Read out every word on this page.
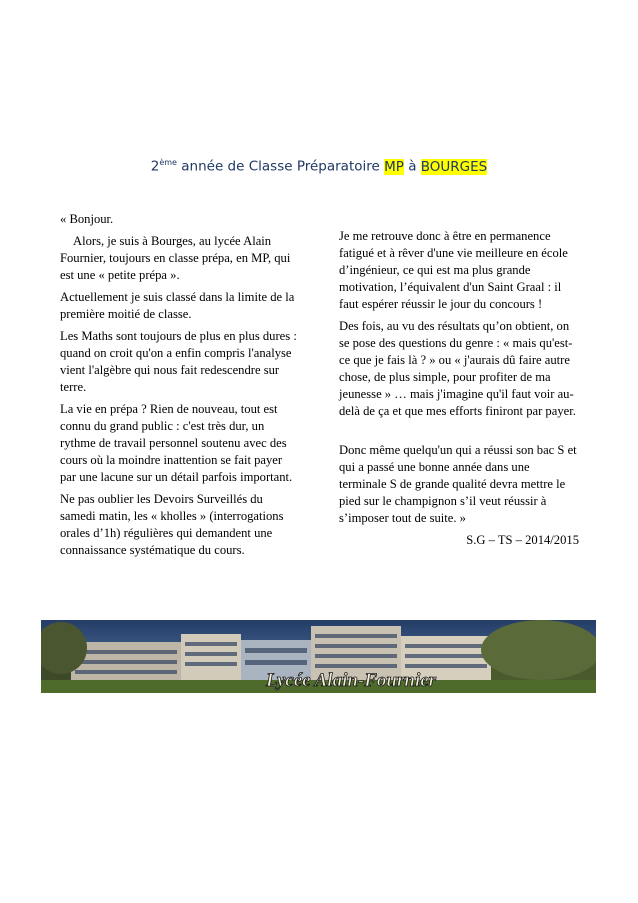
2ème année de Classe Préparatoire MP à BOURGES

« Bonjour.

Alors, je suis à Bourges, au lycée Alain Fournier, toujours en classe prépa, en MP, qui est une « petite prépa ».

Actuellement je suis classé dans la limite de la première moitié de classe.

Les Maths sont toujours de plus en plus dures : quand on croit qu'on a enfin compris l'analyse vient l'algèbre qui nous fait redescendre sur terre.

La vie en prépa ? Rien de nouveau, tout est connu du grand public : c'est très dur, un rythme de travail personnel soutenu avec des cours où la moindre inattention se fait payer par une lacune sur un détail parfois important.

Ne pas oublier les Devoirs Surveillés du samedi matin, les « kholles » (interrogations orales d’1h) régulières qui demandent une connaissance systématique du cours.

Je me retrouve donc à être en permanence fatigué et à rêver d'une vie meilleure en école d’ingénieur, ce qui est ma plus grande motivation, l’équivalent d'un Saint Graal : il faut espérer réussir le jour du concours !

Des fois, au vu des résultats qu’on obtient, on se pose des questions du genre : « mais qu'est-ce que je fais là ? » ou « j'aurais dû faire autre chose, de plus simple, pour profiter de ma jeunesse » … mais j'imagine qu'il faut voir au-delà de ça et que mes efforts finiront par payer.

Donc même quelqu'un qui a réussi son bac S et qui a passé une bonne année dans une terminale S de grande qualité devra mettre le pied sur le champignon s’il veut réussir à s’imposer tout de suite. »

S.G – TS – 2014/2015

Lycée Alain-Fournier
